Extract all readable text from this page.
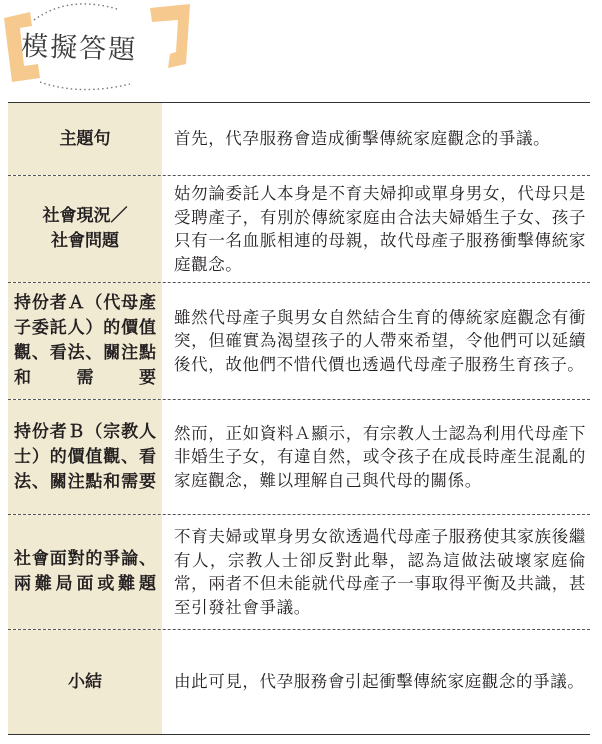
模擬答題
主題句	首先，代孕服務會造成衝擊傳統家庭觀念的爭議。
社會現況／
社會問題
姑勿論委託人本身是不育夫婦抑或單身男女，代母只是受聘產子，有別於傳統家庭由合法夫婦婚生子女、孩子只有一名血脈相連的母親，故代母產子服務衝擊傳統家庭觀念。
持份者Ａ（代母產子委託人）的價值觀、看法、關注點和需要
雖然代母產子與男女自然結合生育的傳統家庭觀念有衝突，但確實為渴望孩子的人帶來希望，令他們可以延續後代，故他們不惜代價也透過代母產子服務生育孩子。
持份者Ｂ（宗教人士）的價值觀、看法、關注點和需要
然而，正如資料Ａ顯示，有宗教人士認為利用代母產下非婚生子女，有違自然，或令孩子在成長時產生混亂的家庭觀念，難以理解自己與代母的關係。
社會面對的爭論、兩難局面或難題
不育夫婦或單身男女欲透過代母產子服務使其家族後繼有人，宗教人士卻反對此舉，認為這做法破壞家庭倫常，兩者不但未能就代母產子一事取得平衡及共識，甚至引發社會爭議。
小結	由此可見，代孕服務會引起衝擊傳統家庭觀念的爭議。
